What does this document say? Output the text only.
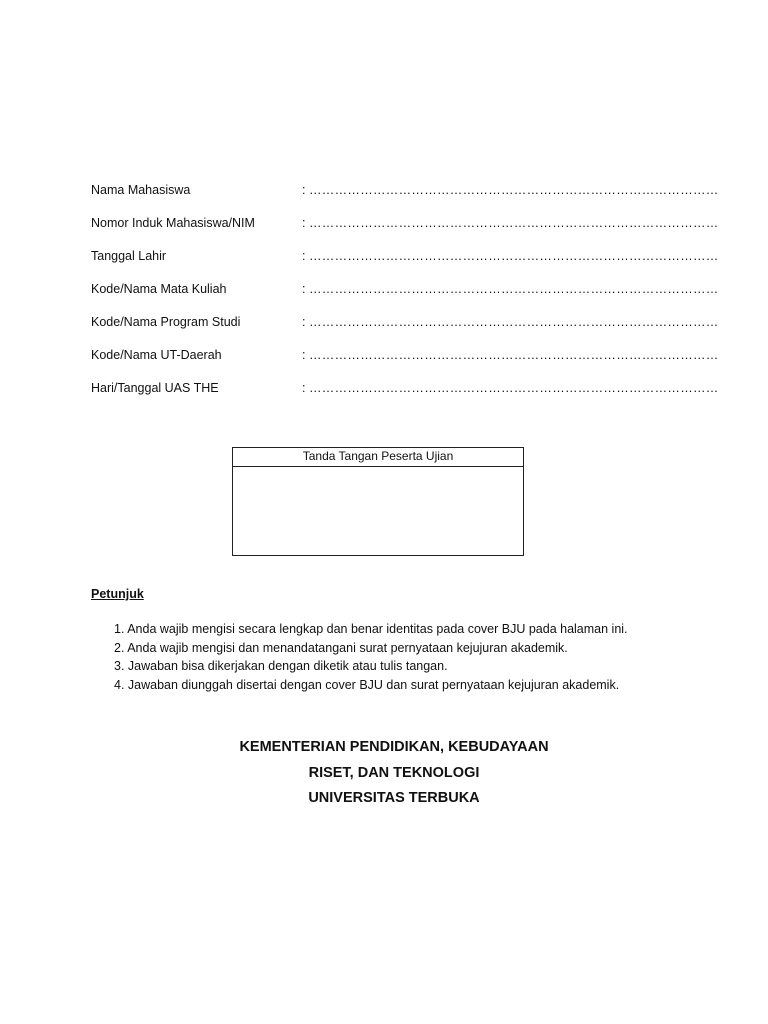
Nama Mahasiswa	: ……………………………………………………………………………………
Nomor Induk Mahasiswa/NIM	: ……………………………………………………………………………………
Tanggal Lahir	: ……………………………………………………………………………………
Kode/Nama Mata Kuliah	: ……………………………………………………………………………………
Kode/Nama Program Studi	: ……………………………………………………………………………………
Kode/Nama UT-Daerah	: ……………………………………………………………………………………
Hari/Tanggal UAS THE	: ……………………………………………………………………………………
Tanda Tangan Peserta Ujian
Petunjuk
1. Anda wajib mengisi secara lengkap dan benar identitas pada cover BJU pada halaman ini.
2. Anda wajib mengisi dan menandatangani surat pernyataan kejujuran akademik.
3. Jawaban bisa dikerjakan dengan diketik atau tulis tangan.
4. Jawaban diunggah disertai dengan cover BJU dan surat pernyataan kejujuran akademik.
KEMENTERIAN PENDIDIKAN, KEBUDAYAAN
RISET, DAN TEKNOLOGI
UNIVERSITAS TERBUKA
